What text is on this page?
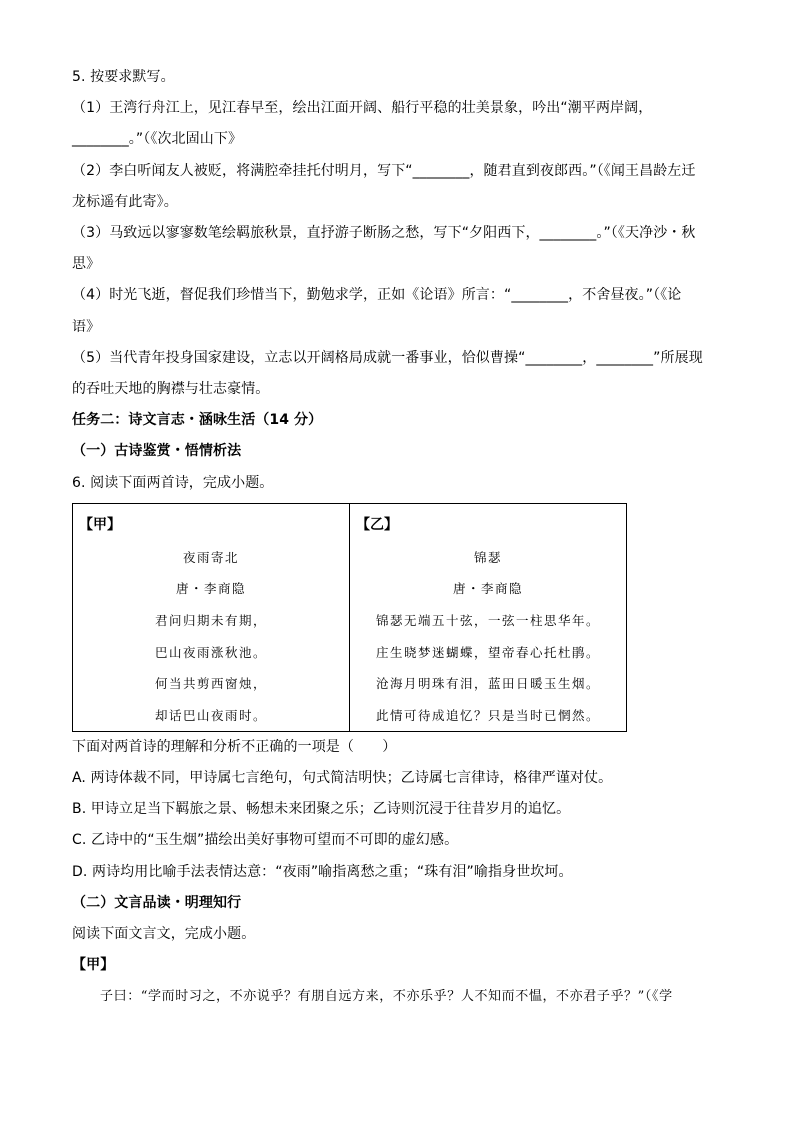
5. 按要求默写。
（1）王湾行舟江上，见江春早至，绘出江面开阔、船行平稳的壮美景象，吟出“潮平两岸阔，
________。”（《次北固山下》
（2）李白听闻友人被贬，将满腔牵挂托付明月，写下“________，随君直到夜郎西。”（《闻王昌龄左迁
龙标遥有此寄》。
（3）马致远以寥寥数笔绘羁旅秋景，直抒游子断肠之愁，写下“夕阳西下，________。”（《天净沙・秋
思》
（4）时光飞逝，督促我们珍惜当下，勤勉求学，正如《论语》所言：“________，不舍昼夜。”（《论
语》
（5）当代青年投身国家建设，立志以开阔格局成就一番事业，恰似曹操“________，________”所展现
的吞吐天地的胸襟与壮志豪情。
任务二：诗文言志・涵咏生活（14 分）
（一）古诗鉴赏・悟情析法
6. 阅读下面两首诗，完成小题。
【甲】
夜雨寄北
唐・李商隐
君问归期未有期，
巴山夜雨涨秋池。
何当共剪西窗烛，
却话巴山夜雨时。
【乙】
锦瑟
唐・李商隐
锦瑟无端五十弦，一弦一柱思华年。
庄生晓梦迷蝴蝶，望帝春心托杜鹃。
沧海月明珠有泪，蓝田日暖玉生烟。
此情可待成追忆？只是当时已惘然。
下面对两首诗的理解和分析不正确的一项是（　　）
A. 两诗体裁不同，甲诗属七言绝句，句式简洁明快；乙诗属七言律诗，格律严谨对仗。
B. 甲诗立足当下羁旅之景、畅想未来团聚之乐；乙诗则沉浸于往昔岁月的追忆。
C. 乙诗中的“玉生烟”描绘出美好事物可望而不可即的虚幻感。
D. 两诗均用比喻手法表情达意：“夜雨”喻指离愁之重；“珠有泪”喻指身世坎坷。
（二）文言品读・明理知行
阅读下面文言文，完成小题。
【甲】
子曰：“学而时习之，不亦说乎？有朋自远方来，不亦乐乎？人不知而不愠，不亦君子乎？”（《学
